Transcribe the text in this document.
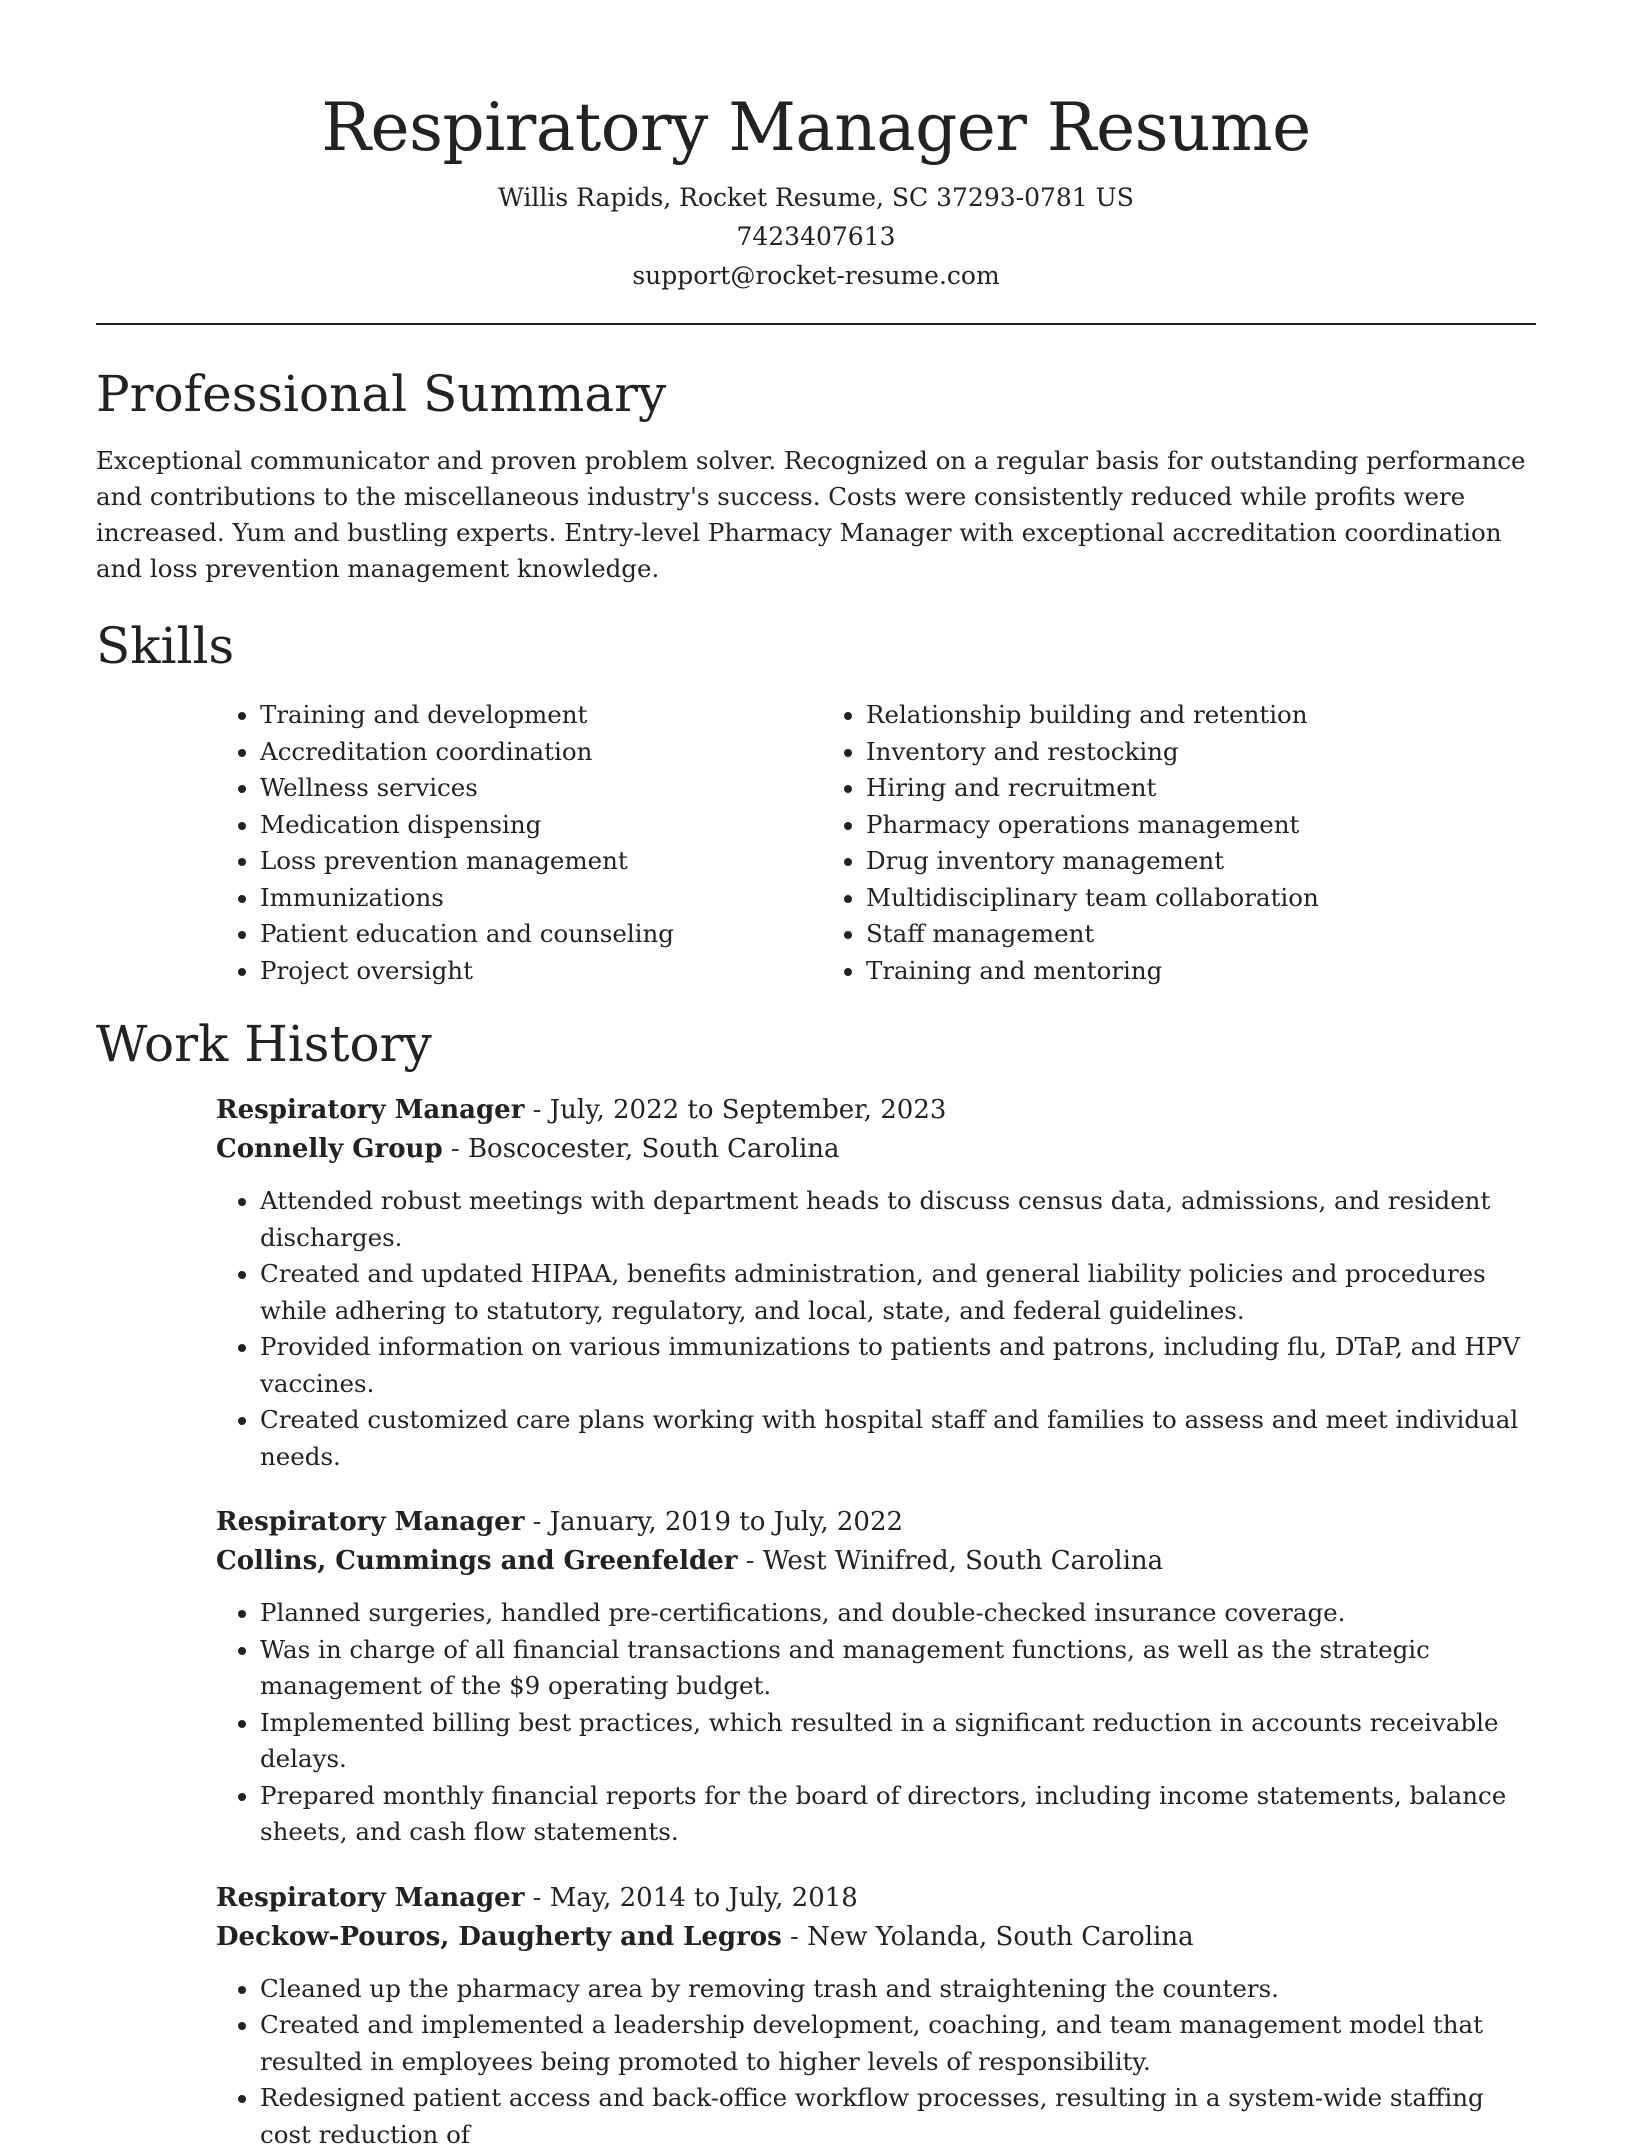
Respiratory Manager Resume
Willis Rapids, Rocket Resume, SC 37293-0781 US
7423407613
support@rocket-resume.com
Professional Summary

Exceptional communicator and proven problem solver. Recognized on a regular basis for outstanding performance and contributions to the miscellaneous industry's success. Costs were consistently reduced while profits were increased. Yum and bustling experts. Entry-level Pharmacy Manager with exceptional accreditation coordination and loss prevention management knowledge.

Skills
• Training and development
• Accreditation coordination
• Wellness services
• Medication dispensing
• Loss prevention management
• Immunizations
• Patient education and counseling
• Project oversight
• Relationship building and retention
• Inventory and restocking
• Hiring and recruitment
• Pharmacy operations management
• Drug inventory management
• Multidisciplinary team collaboration
• Staff management
• Training and mentoring
Work History
Respiratory Manager - July, 2022 to September, 2023
Connelly Group - Boscocester, South Carolina
• Attended robust meetings with department heads to discuss census data, admissions, and resident discharges.
• Created and updated HIPAA, benefits administration, and general liability policies and procedures while adhering to statutory, regulatory, and local, state, and federal guidelines.
• Provided information on various immunizations to patients and patrons, including flu, DTaP, and HPV vaccines.
• Created customized care plans working with hospital staff and families to assess and meet individual needs.
Respiratory Manager - January, 2019 to July, 2022
Collins, Cummings and Greenfelder - West Winifred, South Carolina
• Planned surgeries, handled pre-certifications, and double-checked insurance coverage.
• Was in charge of all financial transactions and management functions, as well as the strategic management of the $9 operating budget.
• Implemented billing best practices, which resulted in a significant reduction in accounts receivable delays.
• Prepared monthly financial reports for the board of directors, including income statements, balance sheets, and cash flow statements.
Respiratory Manager - May, 2014 to July, 2018
Deckow-Pouros, Daugherty and Legros - New Yolanda, South Carolina
• Cleaned up the pharmacy area by removing trash and straightening the counters.
• Created and implemented a leadership development, coaching, and team management model that resulted in employees being promoted to higher levels of responsibility.
• Redesigned patient access and back-office workflow processes, resulting in a system-wide staffing cost reduction of
